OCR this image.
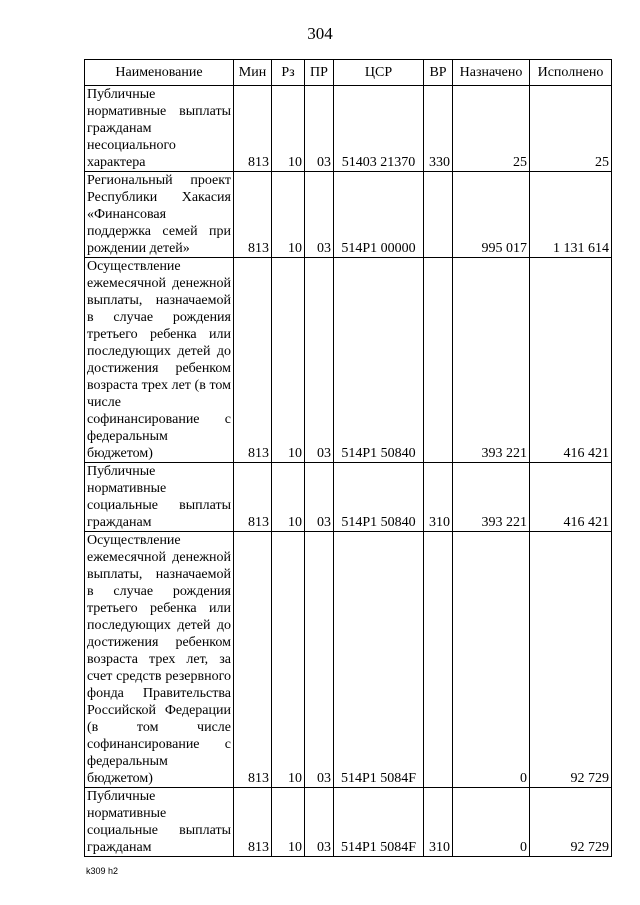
304
Наименование	Мин	Рз	ПР	ЦСР	ВР	Назначено	Исполнено
Публичные нормативные выплаты гражданам несоциального характера	813	10	03	51403 21370	330	25	25
Региональный проект Республики Хакасия «Финансовая поддержка семей при рождении детей»	813	10	03	514P1 00000		995 017	1 131 614
Осуществление ежемесячной денежной выплаты, назначаемой в случае рождения третьего ребенка или последующих детей до достижения ребенком возраста трех лет (в том числе софинансирование с федеральным бюджетом)	813	10	03	514P1 50840		393 221	416 421
Публичные нормативные социальные выплаты гражданам	813	10	03	514P1 50840	310	393 221	416 421
Осуществление ежемесячной денежной выплаты, назначаемой в случае рождения третьего ребенка или последующих детей до достижения ребенком возраста трех лет, за счет средств резервного фонда Правительства Российской Федерации (в том числе софинансирование с федеральным бюджетом)	813	10	03	514P1 5084F		0	92 729
Публичные нормативные социальные выплаты гражданам	813	10	03	514P1 5084F	310	0	92 729
k309 h2
